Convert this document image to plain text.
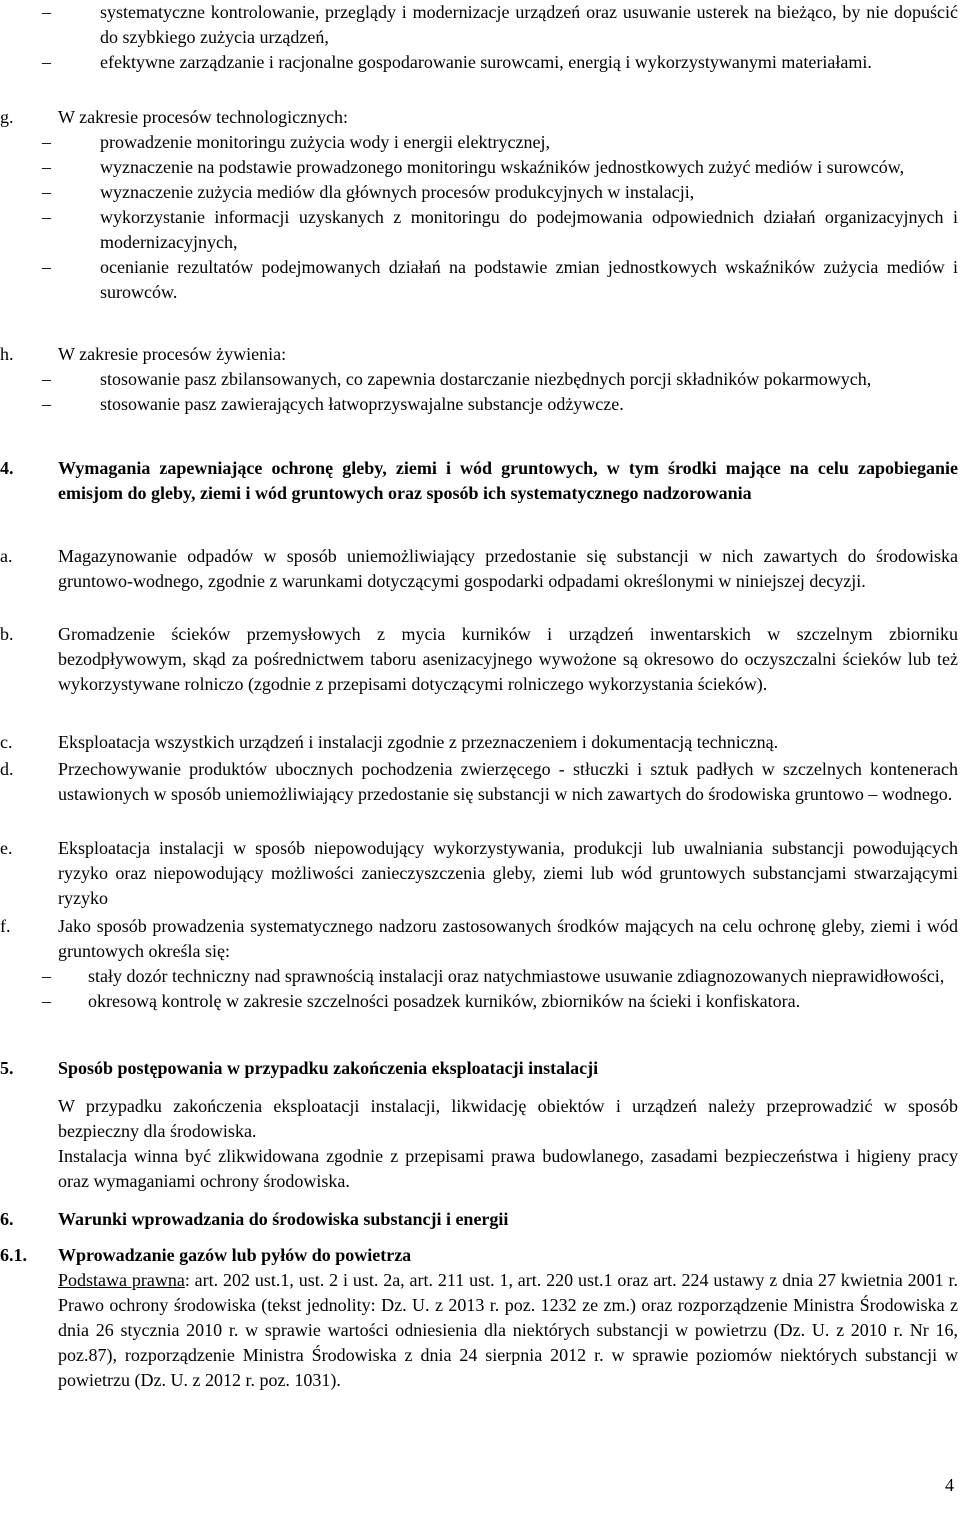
–	systematyczne kontrolowanie, przeglądy i modernizacje urządzeń oraz usuwanie usterek na bieżąco, by nie dopuścić do szybkiego zużycia urządzeń,
–	efektywne zarządzanie i racjonalne gospodarowanie surowcami, energią i wykorzystywanymi materiałami.
g.	W zakresie procesów technologicznych:
–	prowadzenie monitoringu zużycia wody i energii elektrycznej,
–	wyznaczenie na podstawie prowadzonego monitoringu wskaźników jednostkowych zużyć mediów i surowców,
–	wyznaczenie zużycia mediów dla głównych procesów produkcyjnych w instalacji,
–	wykorzystanie informacji uzyskanych z monitoringu do podejmowania odpowiednich działań organizacyjnych i modernizacyjnych,
–	ocenianie rezultatów podejmowanych działań na podstawie zmian jednostkowych wskaźników zużycia mediów i surowców.
h.	W zakresie procesów żywienia:
–	stosowanie pasz zbilansowanych, co zapewnia dostarczanie niezbędnych porcji składników pokarmowych,
–	stosowanie pasz zawierających łatwoprzyswajalne substancje odżywcze.
4.	Wymagania zapewniające ochronę gleby, ziemi i wód gruntowych, w tym środki mające na celu zapobieganie emisjom do gleby, ziemi i wód gruntowych oraz sposób ich systematycznego nadzorowania
a.	Magazynowanie odpadów w sposób uniemożliwiający przedostanie się substancji w nich zawartych do środowiska gruntowo-wodnego, zgodnie z warunkami dotyczącymi gospodarki odpadami określonymi w niniejszej decyzji.
b.	Gromadzenie ścieków przemysłowych z mycia kurników i urządzeń inwentarskich w szczelnym zbiorniku bezodpływowym, skąd za pośrednictwem taboru asenizacyjnego wywożone są okresowo do oczyszczalni ścieków lub też wykorzystywane rolniczo (zgodnie z przepisami dotyczącymi rolniczego wykorzystania ścieków).
c.	Eksploatacja wszystkich urządzeń i instalacji zgodnie z przeznaczeniem i dokumentacją techniczną.
d.	Przechowywanie produktów ubocznych pochodzenia zwierzęcego - stłuczki i sztuk padłych w szczelnych kontenerach ustawionych w sposób uniemożliwiający przedostanie się substancji w nich zawartych do środowiska gruntowo – wodnego.
e.	Eksploatacja instalacji w sposób niepowodujący wykorzystywania, produkcji lub uwalniania substancji powodujących ryzyko oraz niepowodujący możliwości zanieczyszczenia gleby, ziemi lub wód gruntowych substancjami stwarzającymi ryzyko
f.	Jako sposób prowadzenia systematycznego nadzoru zastosowanych środków mających na celu ochronę gleby, ziemi i wód gruntowych określa się:
–	stały dozór techniczny nad sprawnością instalacji oraz natychmiastowe usuwanie zdiagnozowanych nieprawidłowości,
–	okresową kontrolę w zakresie szczelności posadzek kurników, zbiorników na ścieki i konfiskatora.
5.	Sposób postępowania w przypadku zakończenia eksploatacji instalacji

W przypadku zakończenia eksploatacji instalacji, likwidację obiektów i urządzeń należy przeprowadzić w sposób bezpieczny dla środowiska.

Instalacja winna być zlikwidowana zgodnie z przepisami prawa budowlanego, zasadami bezpieczeństwa i higieny pracy oraz wymaganiami ochrony środowiska.

6.	Warunki wprowadzania do środowiska substancji i energii
6.1.	Wprowadzanie gazów lub pyłów do powietrza

Podstawa prawna: art. 202 ust.1, ust. 2 i ust. 2a, art. 211 ust. 1, art. 220 ust.1 oraz art. 224 ustawy z dnia 27 kwietnia 2001 r. Prawo ochrony środowiska (tekst jednolity: Dz. U. z 2013 r. poz. 1232 ze zm.) oraz rozporządzenie Ministra Środowiska z dnia 26 stycznia 2010 r. w sprawie wartości odniesienia dla niektórych substancji w powietrzu (Dz. U. z 2010 r. Nr 16, poz.87), rozporządzenie Ministra Środowiska z dnia 24 sierpnia 2012 r. w sprawie poziomów niektórych substancji w powietrzu (Dz. U. z 2012 r. poz. 1031).

4
